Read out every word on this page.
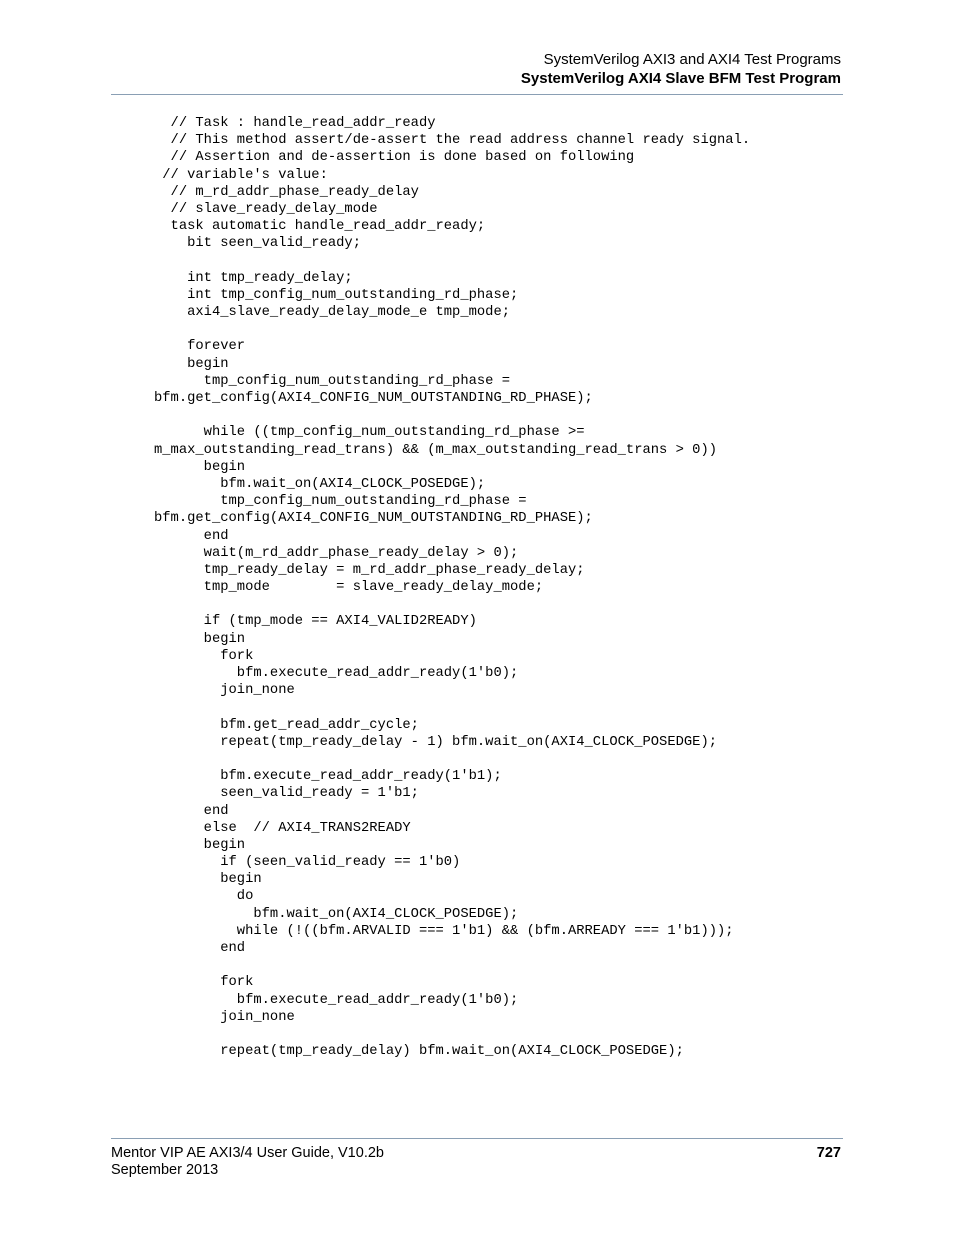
SystemVerilog AXI3 and AXI4 Test Programs
SystemVerilog AXI4 Slave BFM Test Program
// Task : handle_read_addr_ready
// This method assert/de-assert the read address channel ready signal.
// Assertion and de-assertion is done based on following
// variable's value:
// m_rd_addr_phase_ready_delay
// slave_ready_delay_mode
task automatic handle_read_addr_ready;
bit seen_valid_ready;

int tmp_ready_delay;
int tmp_config_num_outstanding_rd_phase;
axi4_slave_ready_delay_mode_e tmp_mode;

forever
begin
tmp_config_num_outstanding_rd_phase =
bfm.get_config(AXI4_CONFIG_NUM_OUTSTANDING_RD_PHASE);

while ((tmp_config_num_outstanding_rd_phase >=
m_max_outstanding_read_trans) && (m_max_outstanding_read_trans > 0))
begin
bfm.wait_on(AXI4_CLOCK_POSEDGE);
tmp_config_num_outstanding_rd_phase =
bfm.get_config(AXI4_CONFIG_NUM_OUTSTANDING_RD_PHASE);
end
wait(m_rd_addr_phase_ready_delay > 0);
tmp_ready_delay = m_rd_addr_phase_ready_delay;
tmp_mode        = slave_ready_delay_mode;

if (tmp_mode == AXI4_VALID2READY)
begin
fork
bfm.execute_read_addr_ready(1'b0);
join_none

bfm.get_read_addr_cycle;
repeat(tmp_ready_delay - 1) bfm.wait_on(AXI4_CLOCK_POSEDGE);

bfm.execute_read_addr_ready(1'b1);
seen_valid_ready = 1'b1;
end
else  // AXI4_TRANS2READY
begin
if (seen_valid_ready == 1'b0)
begin
do
bfm.wait_on(AXI4_CLOCK_POSEDGE);
while (!((bfm.ARVALID === 1'b1) && (bfm.ARREADY === 1'b1)));
end

fork
bfm.execute_read_addr_ready(1'b0);
join_none

repeat(tmp_ready_delay) bfm.wait_on(AXI4_CLOCK_POSEDGE);
Mentor VIP AE AXI3/4 User Guide, V10.2b
September 2013
727
